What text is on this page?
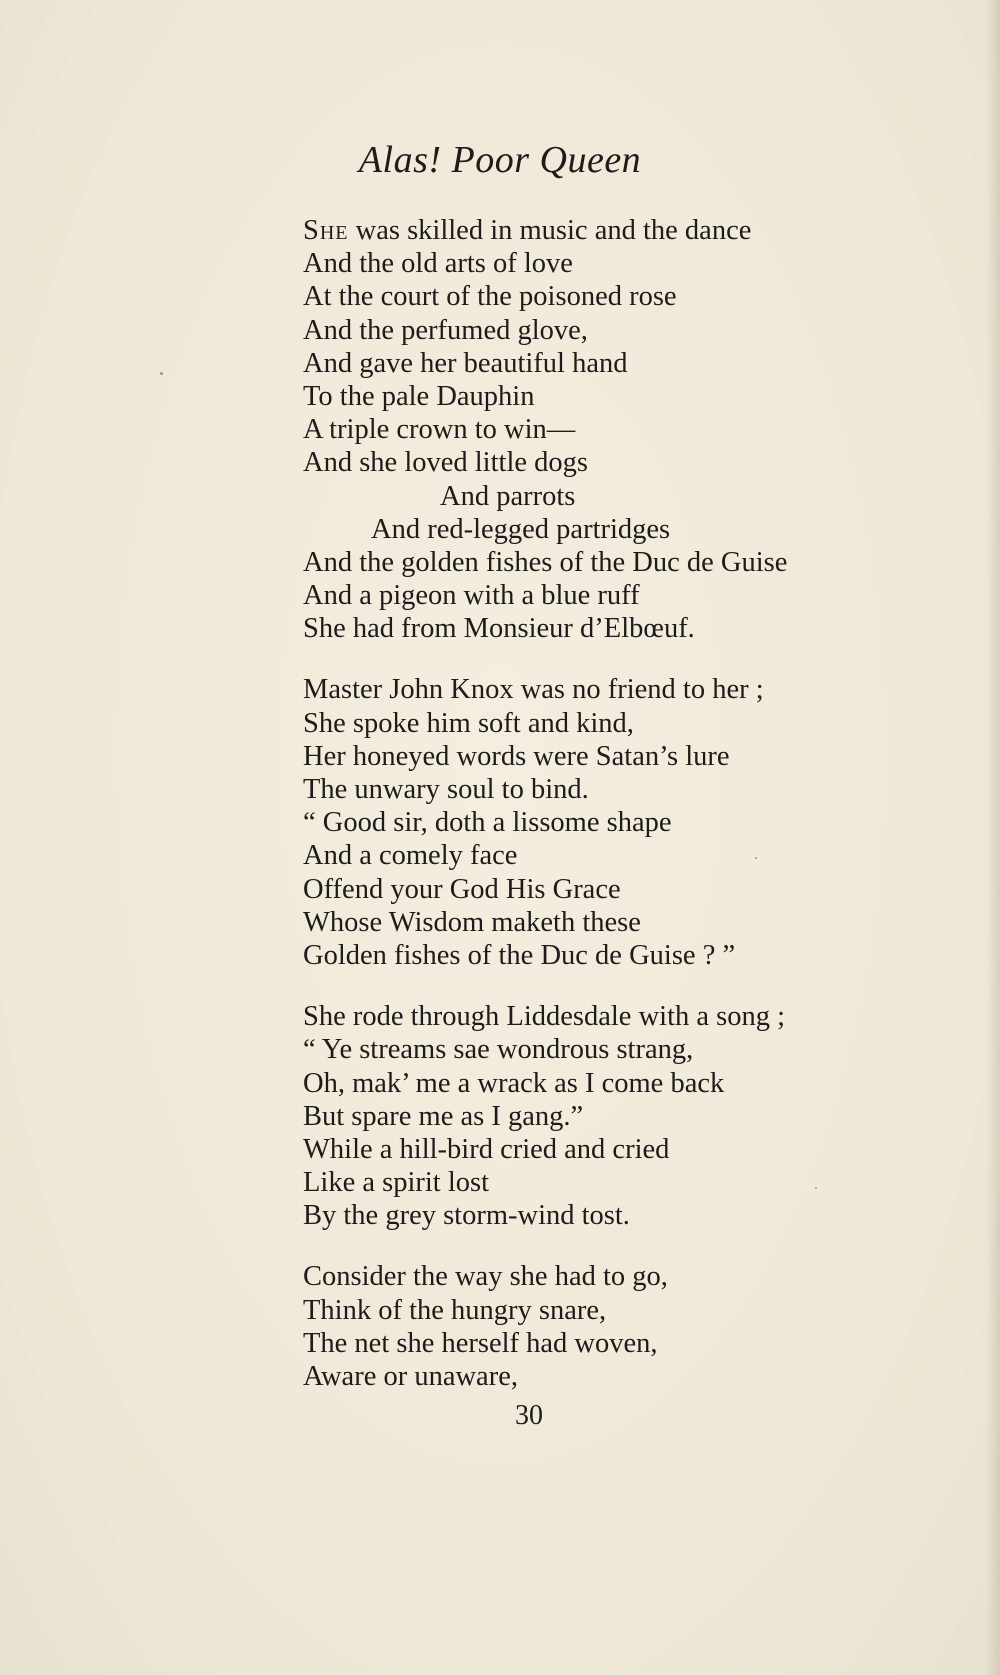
Alas! Poor Queen
She was skilled in music and the dance
And the old arts of love
At the court of the poisoned rose
And the perfumed glove,
And gave her beautiful hand
To the pale Dauphin
A triple crown to win—
And she loved little dogs
And parrots
And red-legged partridges
And the golden fishes of the Duc de Guise
And a pigeon with a blue ruff
She had from Monsieur d’Elbœuf.
Master John Knox was no friend to her ;
She spoke him soft and kind,
Her honeyed words were Satan’s lure
The unwary soul to bind.
“ Good sir, doth a lissome shape
And a comely face
Offend your God His Grace
Whose Wisdom maketh these
Golden fishes of the Duc de Guise ? ”
She rode through Liddesdale with a song ;
“ Ye streams sae wondrous strang,
Oh, mak’ me a wrack as I come back
But spare me as I gang.”
While a hill-bird cried and cried
Like a spirit lost
By the grey storm-wind tost.
Consider the way she had to go,
Think of the hungry snare,
The net she herself had woven,
Aware or unaware,
30
